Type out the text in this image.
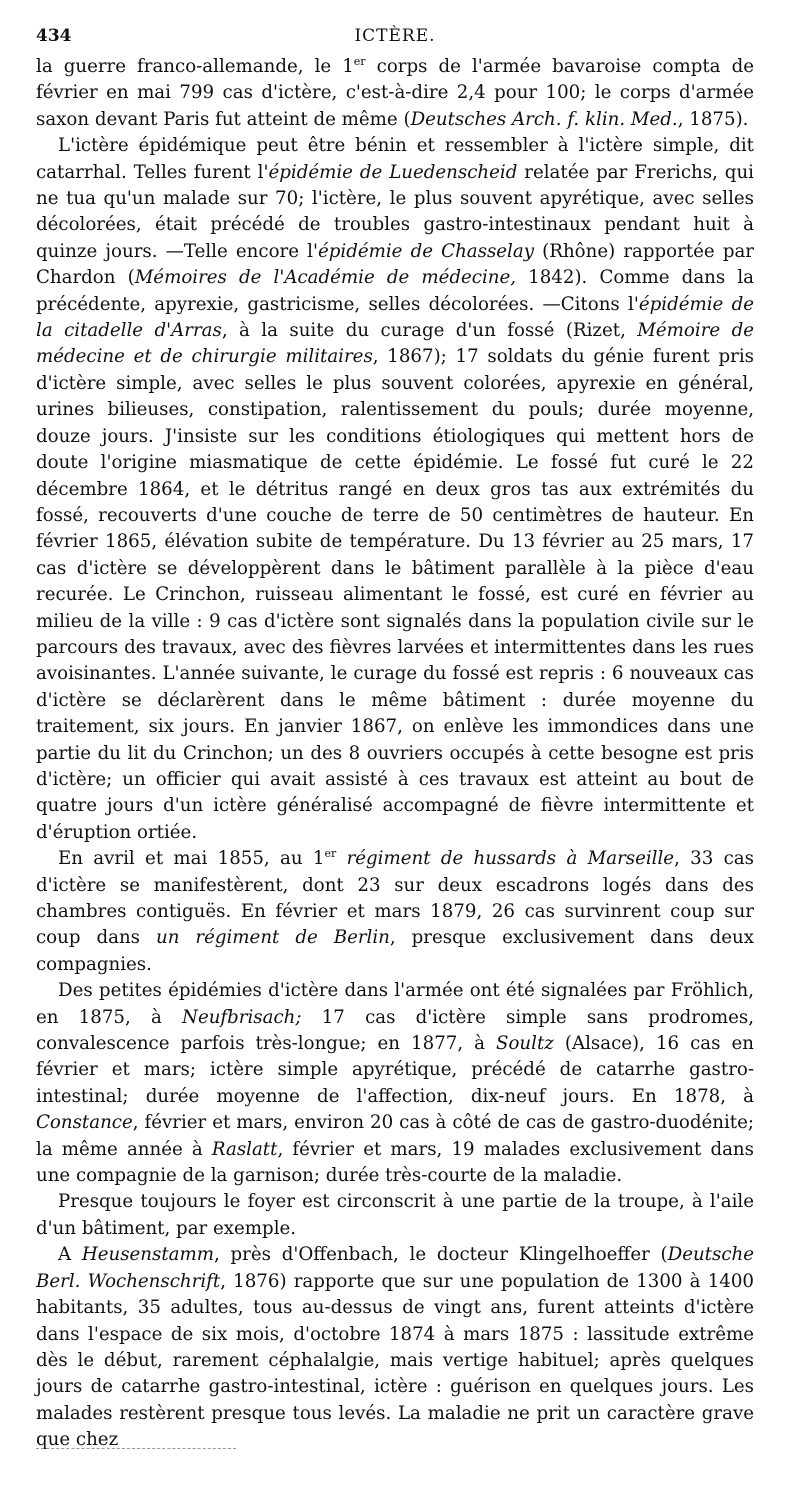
434	ICTÈRE.

la guerre franco-allemande, le 1er corps de l'armée bavaroise compta de février en mai 799 cas d'ictère, c'est-à-dire 2,4 pour 100; le corps d'armée saxon devant Paris fut atteint de même (Deutsches Arch. f. klin. Med., 1875).

L'ictère épidémique peut être bénin et ressembler à l'ictère simple, dit catarrhal. Telles furent l'épidémie de Luedenscheid relatée par Frerichs, qui ne tua qu'un malade sur 70; l'ictère, le plus souvent apyrétique, avec selles décolorées, était précédé de troubles gastro-intestinaux pendant huit à quinze jours. —Telle encore l'épidémie de Chasselay (Rhône) rapportée par Chardon (Mémoires de l'Académie de médecine, 1842). Comme dans la précédente, apyrexie, gastricisme, selles décolorées. —Citons l'épidémie de la citadelle d'Arras, à la suite du curage d'un fossé (Rizet, Mémoire de médecine et de chirurgie militaires, 1867); 17 soldats du génie furent pris d'ictère simple, avec selles le plus souvent colorées, apyrexie en général, urines bilieuses, constipation, ralentissement du pouls; durée moyenne, douze jours. J'insiste sur les conditions étiologiques qui mettent hors de doute l'origine miasmatique de cette épidémie. Le fossé fut curé le 22 décembre 1864, et le détritus rangé en deux gros tas aux extrémités du fossé, recouverts d'une couche de terre de 50 centimètres de hauteur. En février 1865, élévation subite de température. Du 13 février au 25 mars, 17 cas d'ictère se développèrent dans le bâtiment parallèle à la pièce d'eau recurée. Le Crinchon, ruisseau alimentant le fossé, est curé en février au milieu de la ville : 9 cas d'ictère sont signalés dans la population civile sur le parcours des travaux, avec des fièvres larvées et intermittentes dans les rues avoisinantes. L'année suivante, le curage du fossé est repris : 6 nouveaux cas d'ictère se déclarèrent dans le même bâtiment : durée moyenne du traitement, six jours. En janvier 1867, on enlève les immondices dans une partie du lit du Crinchon; un des 8 ouvriers occupés à cette besogne est pris d'ictère; un officier qui avait assisté à ces travaux est atteint au bout de quatre jours d'un ictère généralisé accompagné de fièvre intermittente et d'éruption ortiée.

En avril et mai 1855, au 1er régiment de hussards à Marseille, 33 cas d'ictère se manifestèrent, dont 23 sur deux escadrons logés dans des chambres contiguës. En février et mars 1879, 26 cas survinrent coup sur coup dans un régiment de Berlin, presque exclusivement dans deux compagnies.

Des petites épidémies d'ictère dans l'armée ont été signalées par Fröhlich, en 1875, à Neufbrisach; 17 cas d'ictère simple sans prodromes, convalescence parfois très-longue; en 1877, à Soultz (Alsace), 16 cas en février et mars; ictère simple apyrétique, précédé de catarrhe gastro-intestinal; durée moyenne de l'affection, dix-neuf jours. En 1878, à Constance, février et mars, environ 20 cas à côté de cas de gastro-duodénite; la même année à Raslatt, février et mars, 19 malades exclusivement dans une compagnie de la garnison; durée très-courte de la maladie.

Presque toujours le foyer est circonscrit à une partie de la troupe, à l'aile d'un bâtiment, par exemple.

A Heusenstamm, près d'Offenbach, le docteur Klingelhoeffer (Deutsche Berl. Wochenschrift, 1876) rapporte que sur une population de 1300 à 1400 habitants, 35 adultes, tous au-dessus de vingt ans, furent atteints d'ictère dans l'espace de six mois, d'octobre 1874 à mars 1875 : lassitude extrême dès le début, rarement céphalalgie, mais vertige habituel; après quelques jours de catarrhe gastro-intestinal, ictère : guérison en quelques jours. Les malades restèrent presque tous levés. La maladie ne prit un caractère grave que chez
